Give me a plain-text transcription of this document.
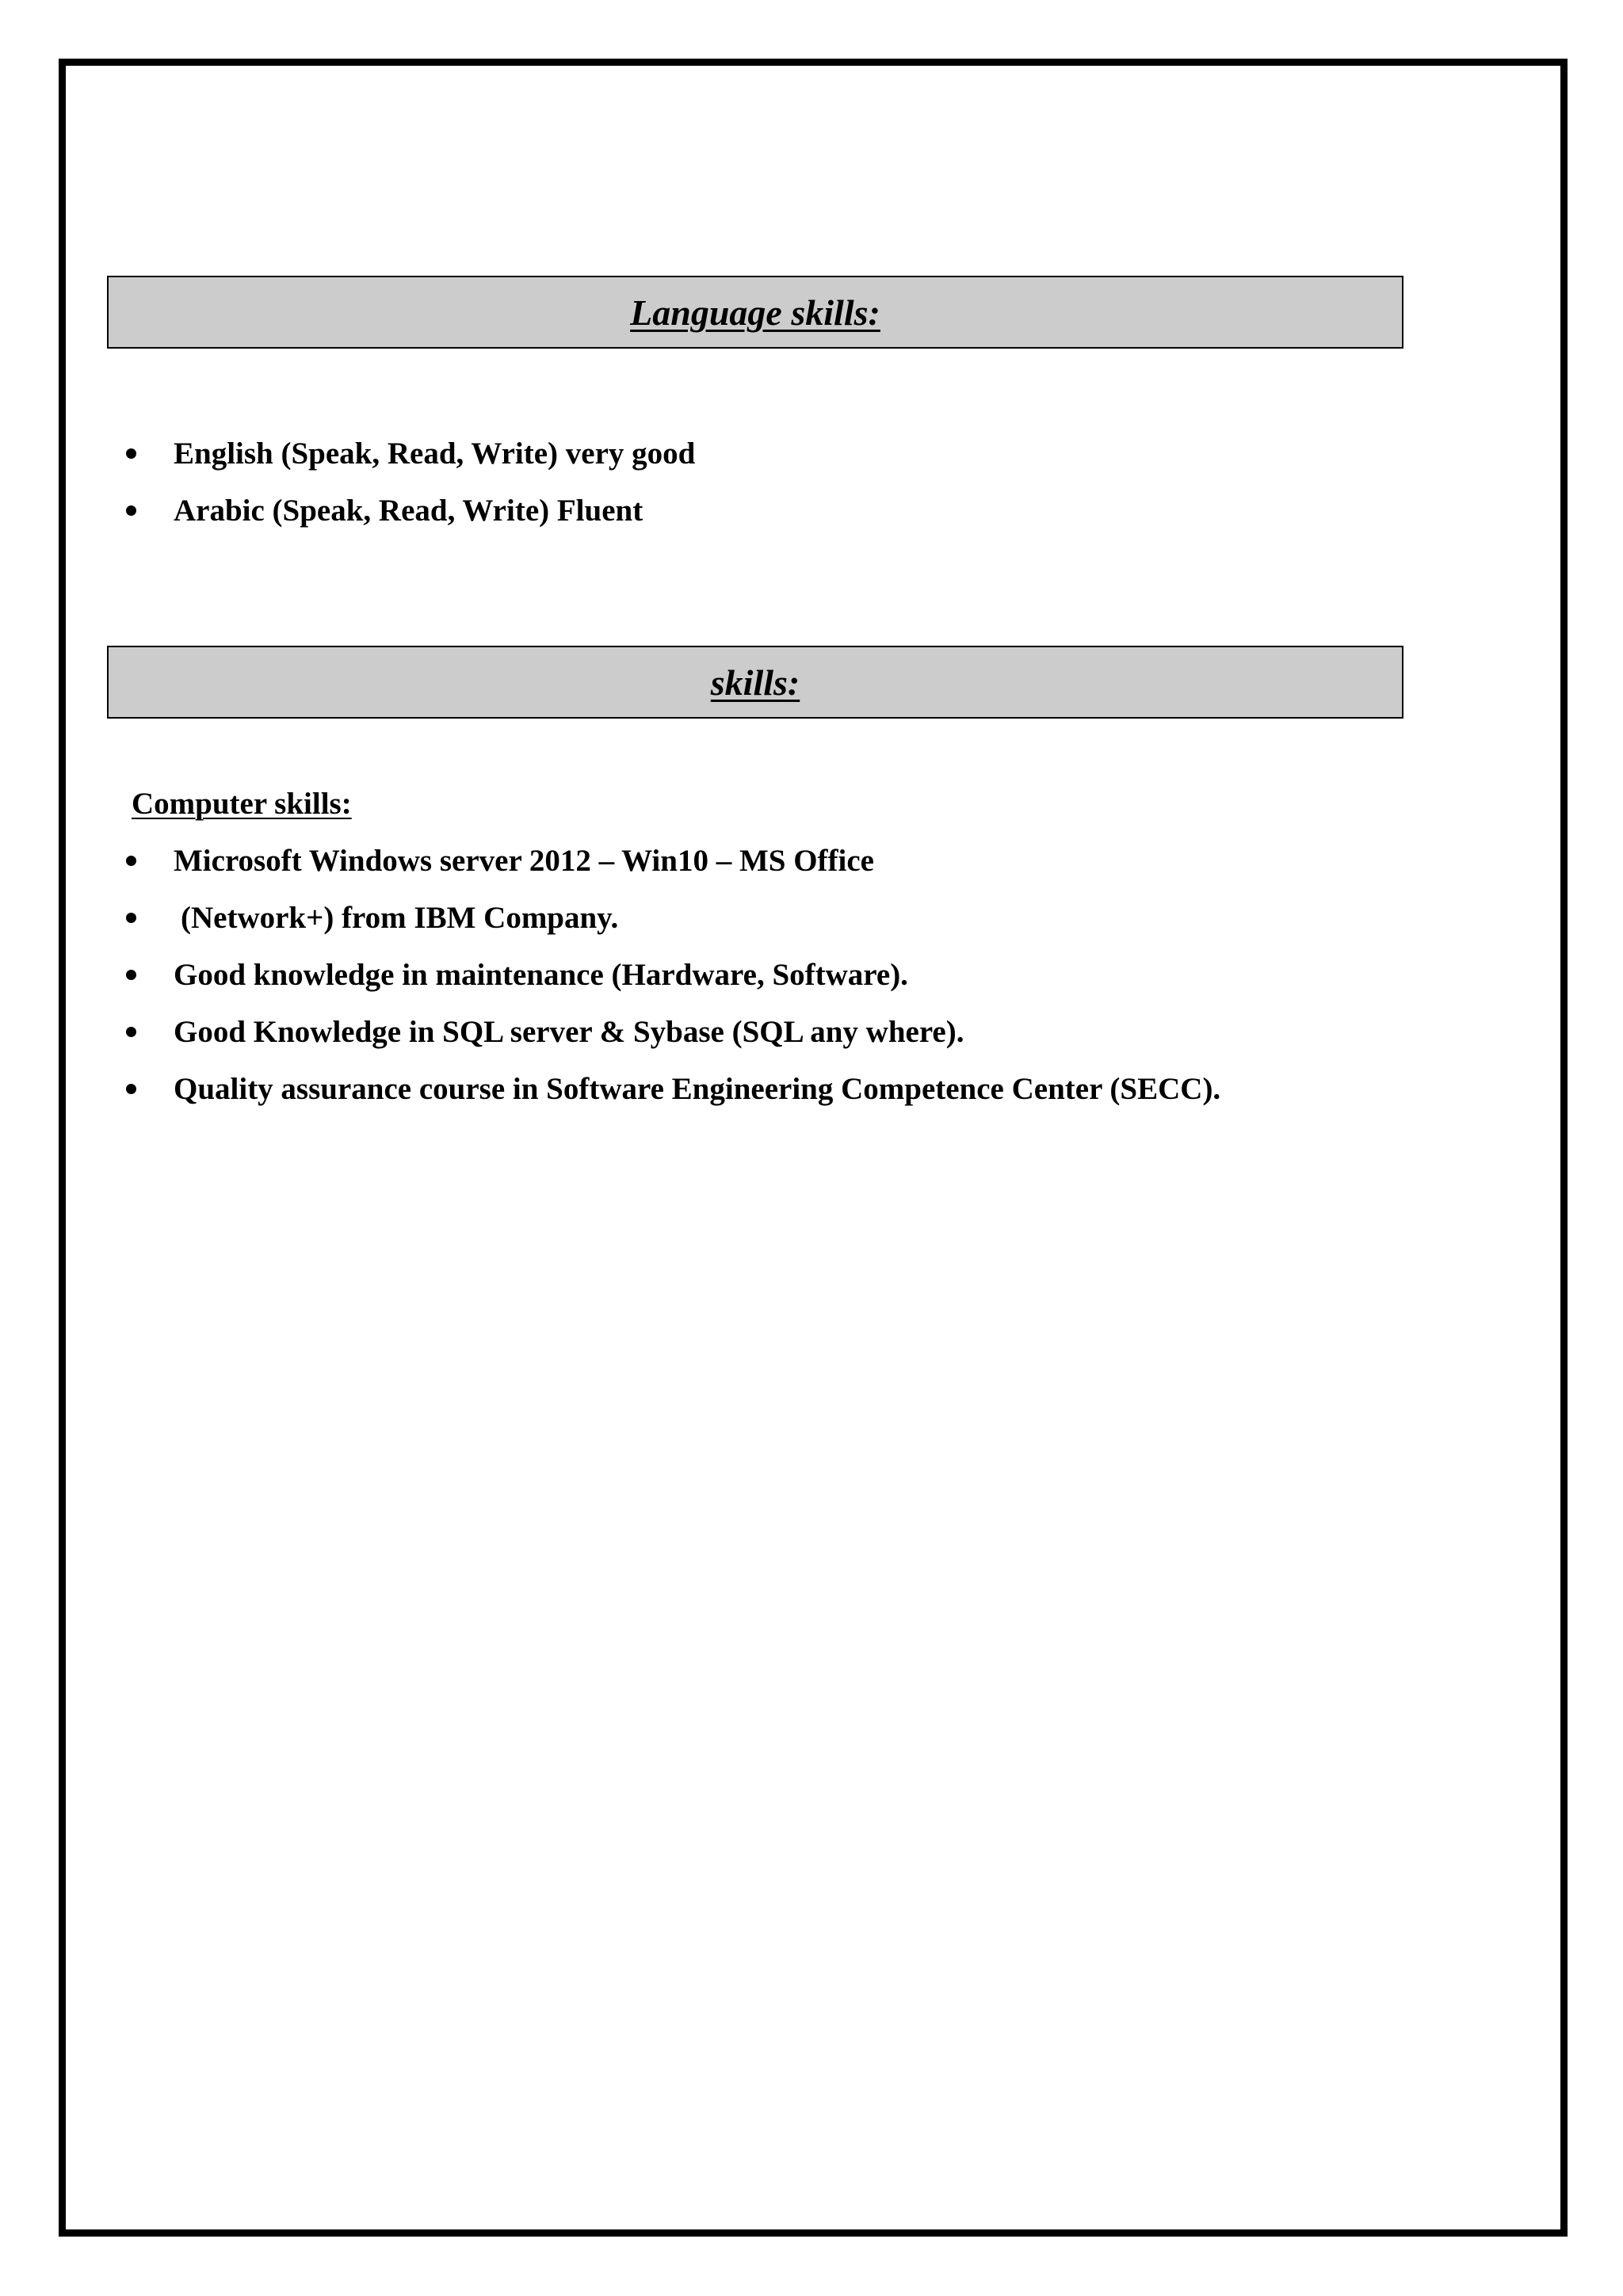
Language skills:
English (Speak, Read, Write) very good
Arabic (Speak, Read, Write) Fluent
skills:
Computer skills:
Microsoft Windows server 2012 – Win10 – MS Office
(Network+) from IBM Company.
Good knowledge in maintenance (Hardware, Software).
Good Knowledge in SQL server & Sybase (SQL any where).
Quality assurance course in Software Engineering Competence Center (SECC).
